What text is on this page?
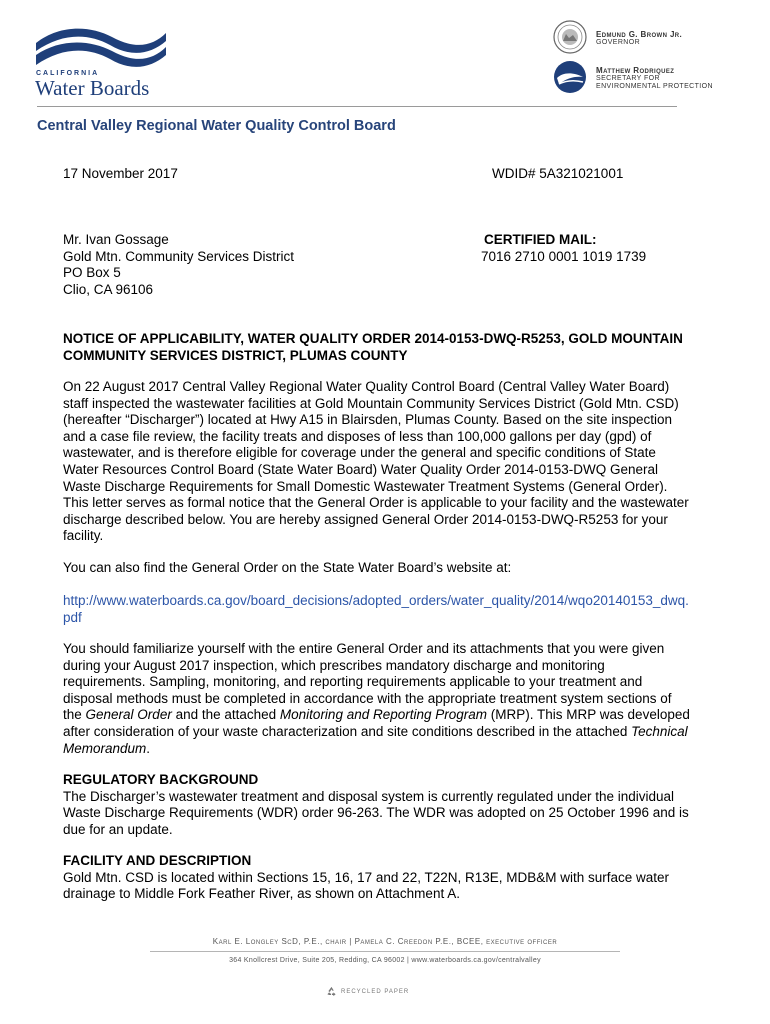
CALIFORNIA
Water Boards
Edmund G. Brown Jr.
GOVERNOR
Matthew Rodriquez
SECRETARY FOR
ENVIRONMENTAL PROTECTION
Central Valley Regional Water Quality Control Board
17 November 2017	WDID# 5A321021001
Mr. Ivan Gossage
Gold Mtn. Community Services District
PO Box 5
Clio, CA 96106
CERTIFIED MAIL:
7016 2710 0001 1019 1739
NOTICE OF APPLICABILITY, WATER QUALITY ORDER 2014-0153-DWQ-R5253, GOLD MOUNTAIN
COMMUNITY SERVICES DISTRICT, PLUMAS COUNTY
On 22 August 2017 Central Valley Regional Water Quality Control Board (Central Valley Water Board)
staff inspected the wastewater facilities at Gold Mountain Community Services District (Gold Mtn. CSD)
(hereafter “Discharger”) located at Hwy A15 in Blairsden, Plumas County. Based on the site inspection
and a case file review, the facility treats and disposes of less than 100,000 gallons per day (gpd) of
wastewater, and is therefore eligible for coverage under the general and specific conditions of State
Water Resources Control Board (State Water Board) Water Quality Order 2014-0153-DWQ General
Waste Discharge Requirements for Small Domestic Wastewater Treatment Systems (General Order).
This letter serves as formal notice that the General Order is applicable to your facility and the wastewater
discharge described below. You are hereby assigned General Order 2014-0153-DWQ-R5253 for your
facility.
You can also find the General Order on the State Water Board’s website at:
http://www.waterboards.ca.gov/board_decisions/adopted_orders/water_quality/2014/wqo20140153_dwq.
pdf
You should familiarize yourself with the entire General Order and its attachments that you were given
during your August 2017 inspection, which prescribes mandatory discharge and monitoring
requirements. Sampling, monitoring, and reporting requirements applicable to your treatment and
disposal methods must be completed in accordance with the appropriate treatment system sections of
the General Order and the attached Monitoring and Reporting Program (MRP). This MRP was developed
after consideration of your waste characterization and site conditions described in the attached Technical
Memorandum.
REGULATORY BACKGROUND
The Discharger’s wastewater treatment and disposal system is currently regulated under the individual
Waste Discharge Requirements (WDR) order 96-263. The WDR was adopted on 25 October 1996 and is
due for an update.
FACILITY AND DESCRIPTION
Gold Mtn. CSD is located within Sections 15, 16, 17 and 22, T22N, R13E, MDB&M with surface water
drainage to Middle Fork Feather River, as shown on Attachment A.
Karl E. Longley ScD, P.E., chair | Pamela C. Creedon P.E., BCEE, executive officer
364 Knollcrest Drive, Suite 205, Redding, CA 96002 | www.waterboards.ca.gov/centralvalley
RECYCLED PAPER
